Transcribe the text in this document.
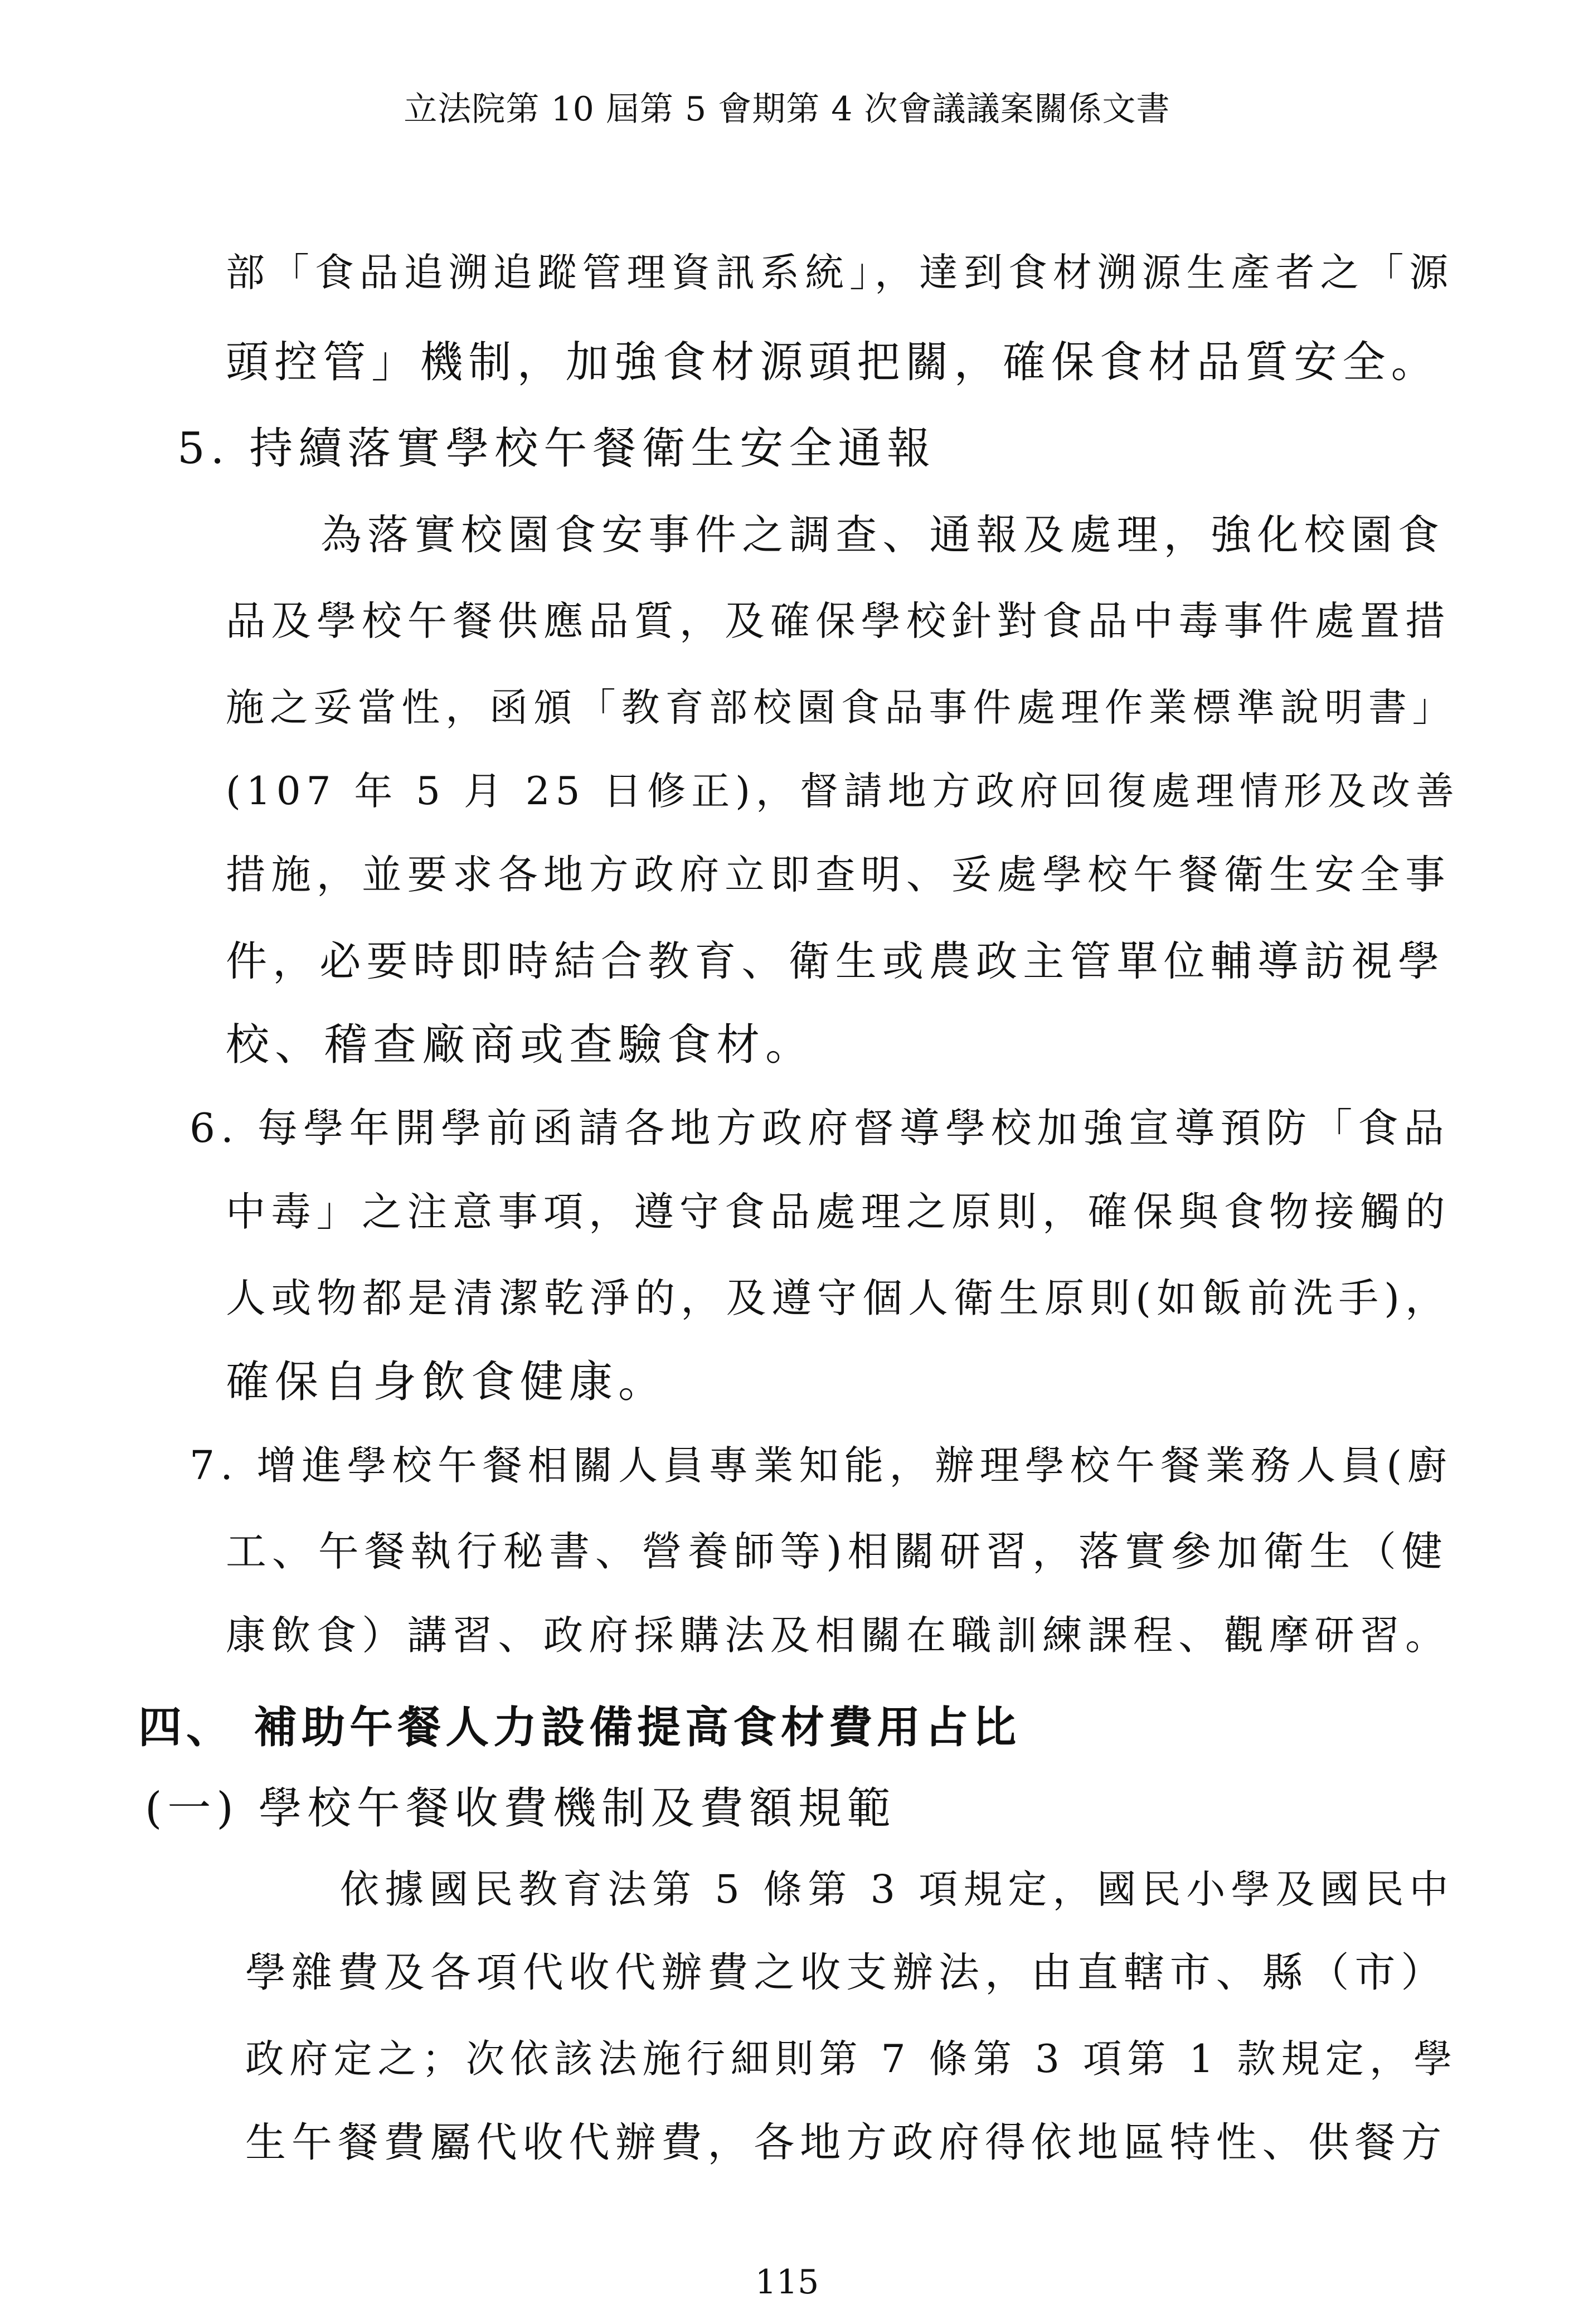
立法院第 10 屆第 5 會期第 4 次會議議案關係文書
部「食品追溯追蹤管理資訊系統」，達到食材溯源生產者之「源
頭控管」機制，加強食材源頭把關，確保食材品質安全。
5. 持續落實學校午餐衛生安全通報
為落實校園食安事件之調查、通報及處理，強化校園食
品及學校午餐供應品質，及確保學校針對食品中毒事件處置措
施之妥當性，函頒「教育部校園食品事件處理作業標準說明書」
(107 年 5 月 25 日修正)，督請地方政府回復處理情形及改善
措施，並要求各地方政府立即查明、妥處學校午餐衛生安全事
件，必要時即時結合教育、衛生或農政主管單位輔導訪視學
校、稽查廠商或查驗食材。
6. 每學年開學前函請各地方政府督導學校加強宣導預防「食品
中毒」之注意事項，遵守食品處理之原則，確保與食物接觸的
人或物都是清潔乾淨的，及遵守個人衛生原則(如飯前洗手)，
確保自身飲食健康。
7. 增進學校午餐相關人員專業知能，辦理學校午餐業務人員(廚
工、午餐執行秘書、營養師等)相關研習，落實參加衛生（健
康飲食）講習、政府採購法及相關在職訓練課程、觀摩研習。
四、 補助午餐人力設備提高食材費用占比
(一) 學校午餐收費機制及費額規範
依據國民教育法第 5 條第 3 項規定，國民小學及國民中
學雜費及各項代收代辦費之收支辦法，由直轄市、縣（市）
政府定之；次依該法施行細則第 7 條第 3 項第 1 款規定，學
生午餐費屬代收代辦費，各地方政府得依地區特性、供餐方
115
